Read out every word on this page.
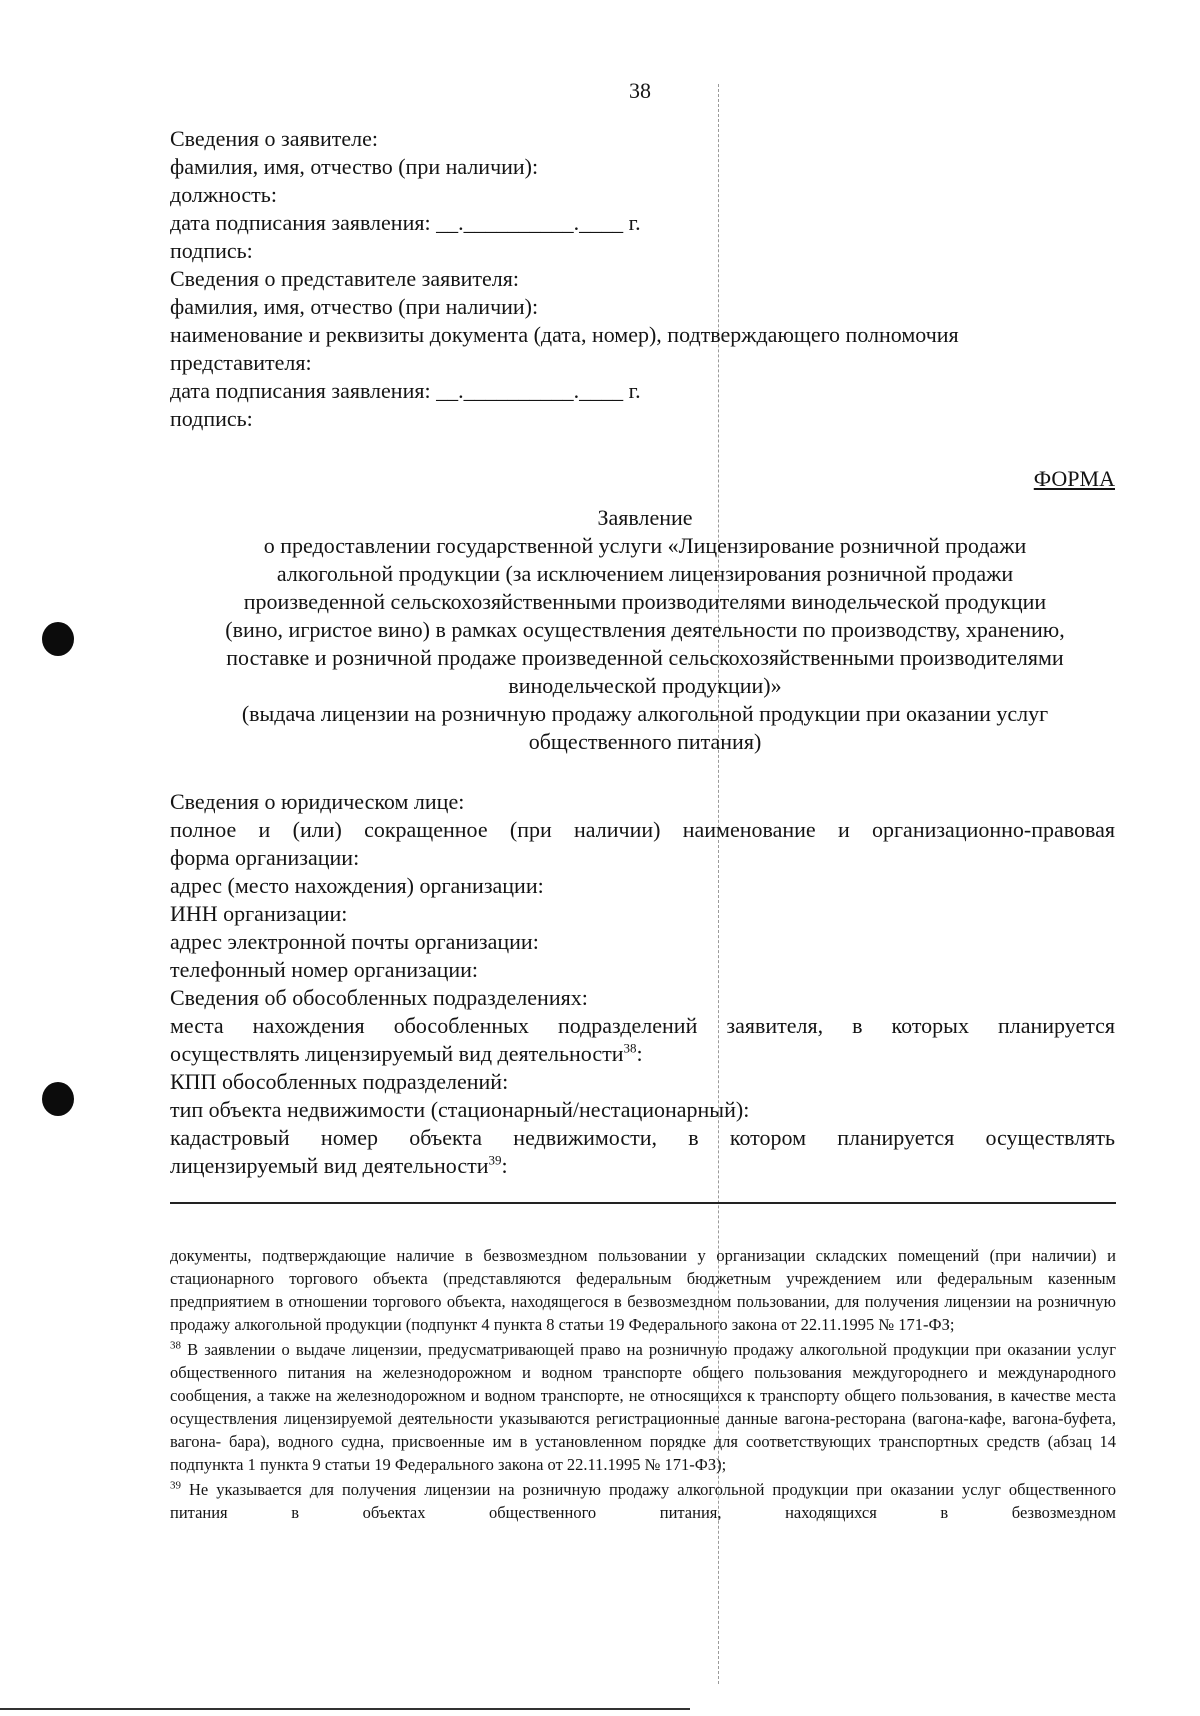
38
Сведения о заявителе:
фамилия, имя, отчество (при наличии):
должность:
дата подписания заявления: __.__________.____ г.
подпись:
Сведения о представителе заявителя:
фамилия, имя, отчество (при наличии):
наименование и реквизиты документа (дата, номер), подтверждающего полномочия
представителя:
дата подписания заявления: __.__________.____ г.
подпись:
ФОРМА
Заявление
о предоставлении государственной услуги «Лицензирование розничной продажи
алкогольной продукции (за исключением лицензирования розничной продажи
произведенной сельскохозяйственными производителями винодельческой продукции
(вино, игристое вино) в рамках осуществления деятельности по производству, хранению,
поставке и розничной продаже произведенной сельскохозяйственными производителями
винодельческой продукции)»
(выдача лицензии на розничную продажу алкогольной продукции при оказании услуг
общественного питания)
Сведения о юридическом лице:
полное и (или) сокращенное (при наличии) наименование и организационно-правовая
форма организации:
адрес (место нахождения) организации:
ИНН организации:
адрес электронной почты организации:
телефонный номер организации:
Сведения об обособленных подразделениях:
места нахождения обособленных подразделений заявителя, в которых планируется
осуществлять лицензируемый вид деятельности$^{38}$:
КПП обособленных подразделений:
тип объекта недвижимости (стационарный/нестационарный):
кадастровый номер объекта недвижимости, в котором планируется осуществлять
лицензируемый вид деятельности$^{39}$:

документы, подтверждающие наличие в безвозмездном пользовании у организации складских помещений (при наличии) и стационарного торгового объекта (представляются федеральным бюджетным учреждением или федеральным казенным предприятием в отношении торгового объекта, находящегося в безвозмездном пользовании, для получения лицензии на розничную продажу алкогольной продукции (подпункт 4 пункта 8 статьи 19 Федерального закона от 22.11.1995 № 171-ФЗ;

$^{38}$ В заявлении о выдаче лицензии, предусматривающей право на розничную продажу алкогольной продукции при оказании услуг общественного питания на железнодорожном и водном транспорте общего пользования междугороднего и международного сообщения, а также на железнодорожном и водном транспорте, не относящихся к транспорту общего пользования, в качестве места осуществления лицензируемой деятельности указываются регистрационные данные вагона-ресторана (вагона-кафе, вагона-буфета, вагона- бара), водного судна, присвоенные им в установленном порядке для соответствующих транспортных средств (абзац 14 подпункта 1 пункта 9 статьи 19 Федерального закона от 22.11.1995 № 171-ФЗ);

$^{39}$ Не указывается для получения лицензии на розничную продажу алкогольной продукции при оказании услуг общественного питания в объектах общественного питания, находящихся в безвозмездном
